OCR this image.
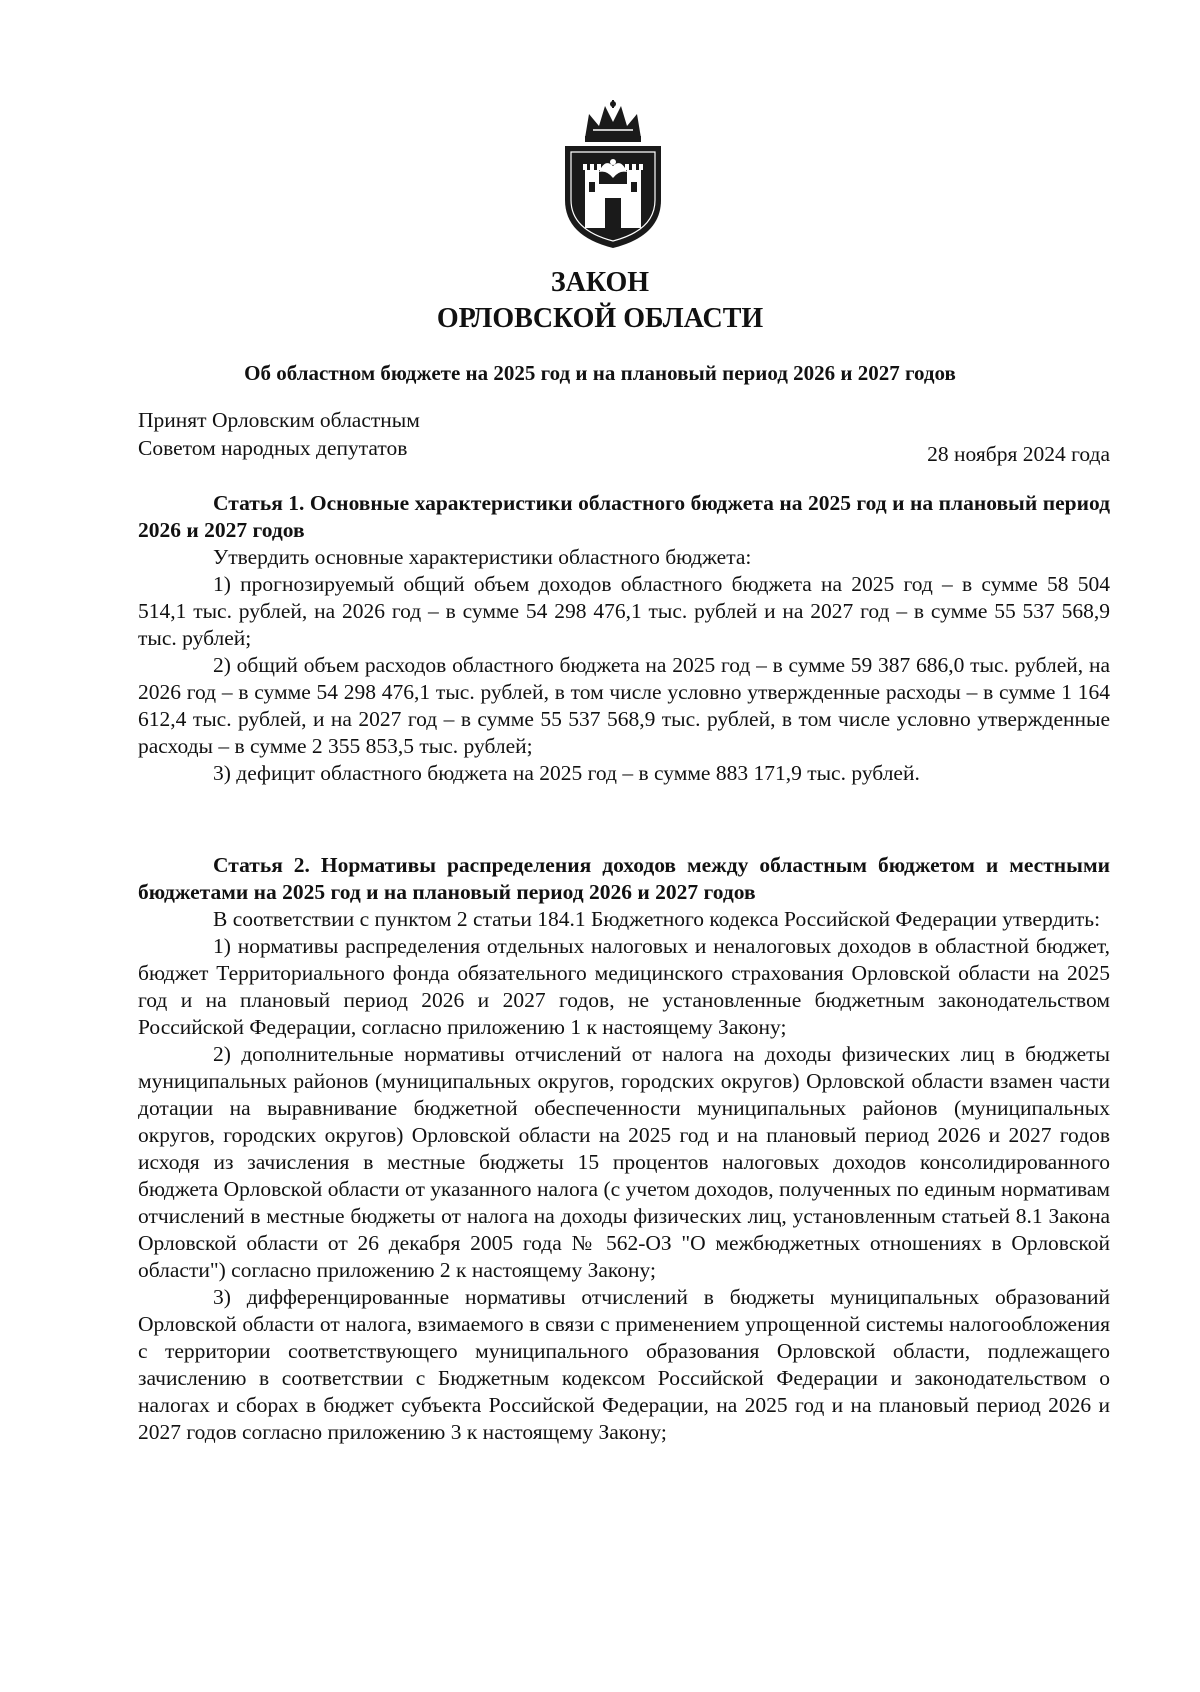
ЗАКОН
ОРЛОВСКОЙ ОБЛАСТИ
Об областном бюджете на 2025 год и на плановый период 2026 и 2027 годов
Принят Орловским областным
Советом народных депутатов	28 ноября 2024 года

Статья 1. Основные характеристики областного бюджета на 2025 год и на плановый период 2026 и 2027 годов

Утвердить основные характеристики областного бюджета:

1) прогнозируемый общий объем доходов областного бюджета на 2025 год – в сумме 58 504 514,1 тыс. рублей, на 2026 год – в сумме 54 298 476,1 тыс. рублей и на 2027 год – в сумме 55 537 568,9 тыс. рублей;

2) общий объем расходов областного бюджета на 2025 год – в сумме 59 387 686,0 тыс. рублей, на 2026 год – в сумме 54 298 476,1 тыс. рублей, в том числе условно утвержденные расходы – в сумме 1 164 612,4 тыс. рублей, и на 2027 год – в сумме 55 537 568,9 тыс. рублей, в том числе условно утвержденные расходы – в сумме 2 355 853,5 тыс. рублей;

3) дефицит областного бюджета на 2025 год – в сумме 883 171,9 тыс. рублей.

Статья 2. Нормативы распределения доходов между областным бюджетом и местными бюджетами на 2025 год и на плановый период 2026 и 2027 годов

В соответствии с пунктом 2 статьи 184.1 Бюджетного кодекса Российской Федерации утвердить:

1) нормативы распределения отдельных налоговых и неналоговых доходов в областной бюджет, бюджет Территориального фонда обязательного медицинского страхования Орловской области на 2025 год и на плановый период 2026 и 2027 годов, не установленные бюджетным законодательством Российской Федерации, согласно приложению 1 к настоящему Закону;

2) дополнительные нормативы отчислений от налога на доходы физических лиц в бюджеты муниципальных районов (муниципальных округов, городских округов) Орловской области взамен части дотации на выравнивание бюджетной обеспеченности муниципальных районов (муниципальных округов, городских округов) Орловской области на 2025 год и на плановый период 2026 и 2027 годов исходя из зачисления в местные бюджеты 15 процентов налоговых доходов консолидированного бюджета Орловской области от указанного налога (с учетом доходов, полученных по единым нормативам отчислений в местные бюджеты от налога на доходы физических лиц, установленным статьей 8.1 Закона Орловской области от 26 декабря 2005 года № 562-ОЗ "О межбюджетных отношениях в Орловской области") согласно приложению 2 к настоящему Закону;

3) дифференцированные нормативы отчислений в бюджеты муниципальных образований Орловской области от налога, взимаемого в связи с применением упрощенной системы налогообложения с территории соответствующего муниципального образования Орловской области, подлежащего зачислению в соответствии с Бюджетным кодексом Российской Федерации и законодательством о налогах и сборах в бюджет субъекта Российской Федерации, на 2025 год и на плановый период 2026 и 2027 годов согласно приложению 3 к настоящему Закону;
